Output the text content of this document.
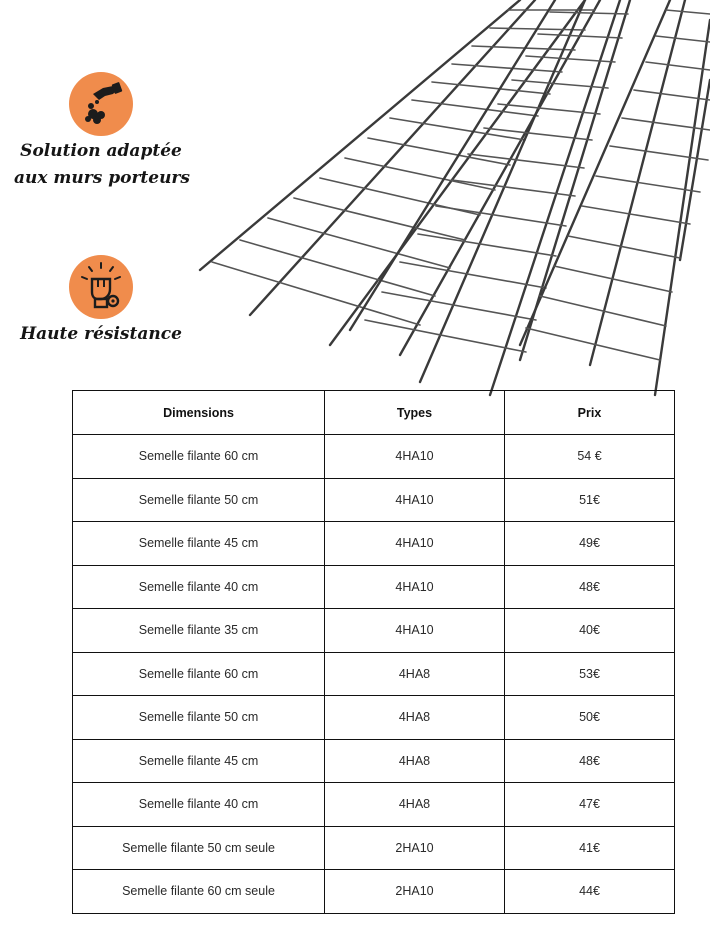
Solution adaptée
aux murs porteurs
Haute résistance
Dimensions	Types	Prix
Semelle filante 60 cm	4HA10	54 €
Semelle filante 50 cm	4HA10	51€
Semelle filante 45 cm	4HA10	49€
Semelle filante 40 cm	4HA10	48€
Semelle filante 35 cm	4HA10	40€
Semelle filante 60 cm	4HA8	53€
Semelle filante 50 cm	4HA8	50€
Semelle filante 45 cm	4HA8	48€
Semelle filante 40 cm	4HA8	47€
Semelle filante 50 cm seule	2HA10	41€
Semelle filante 60 cm seule	2HA10	44€
